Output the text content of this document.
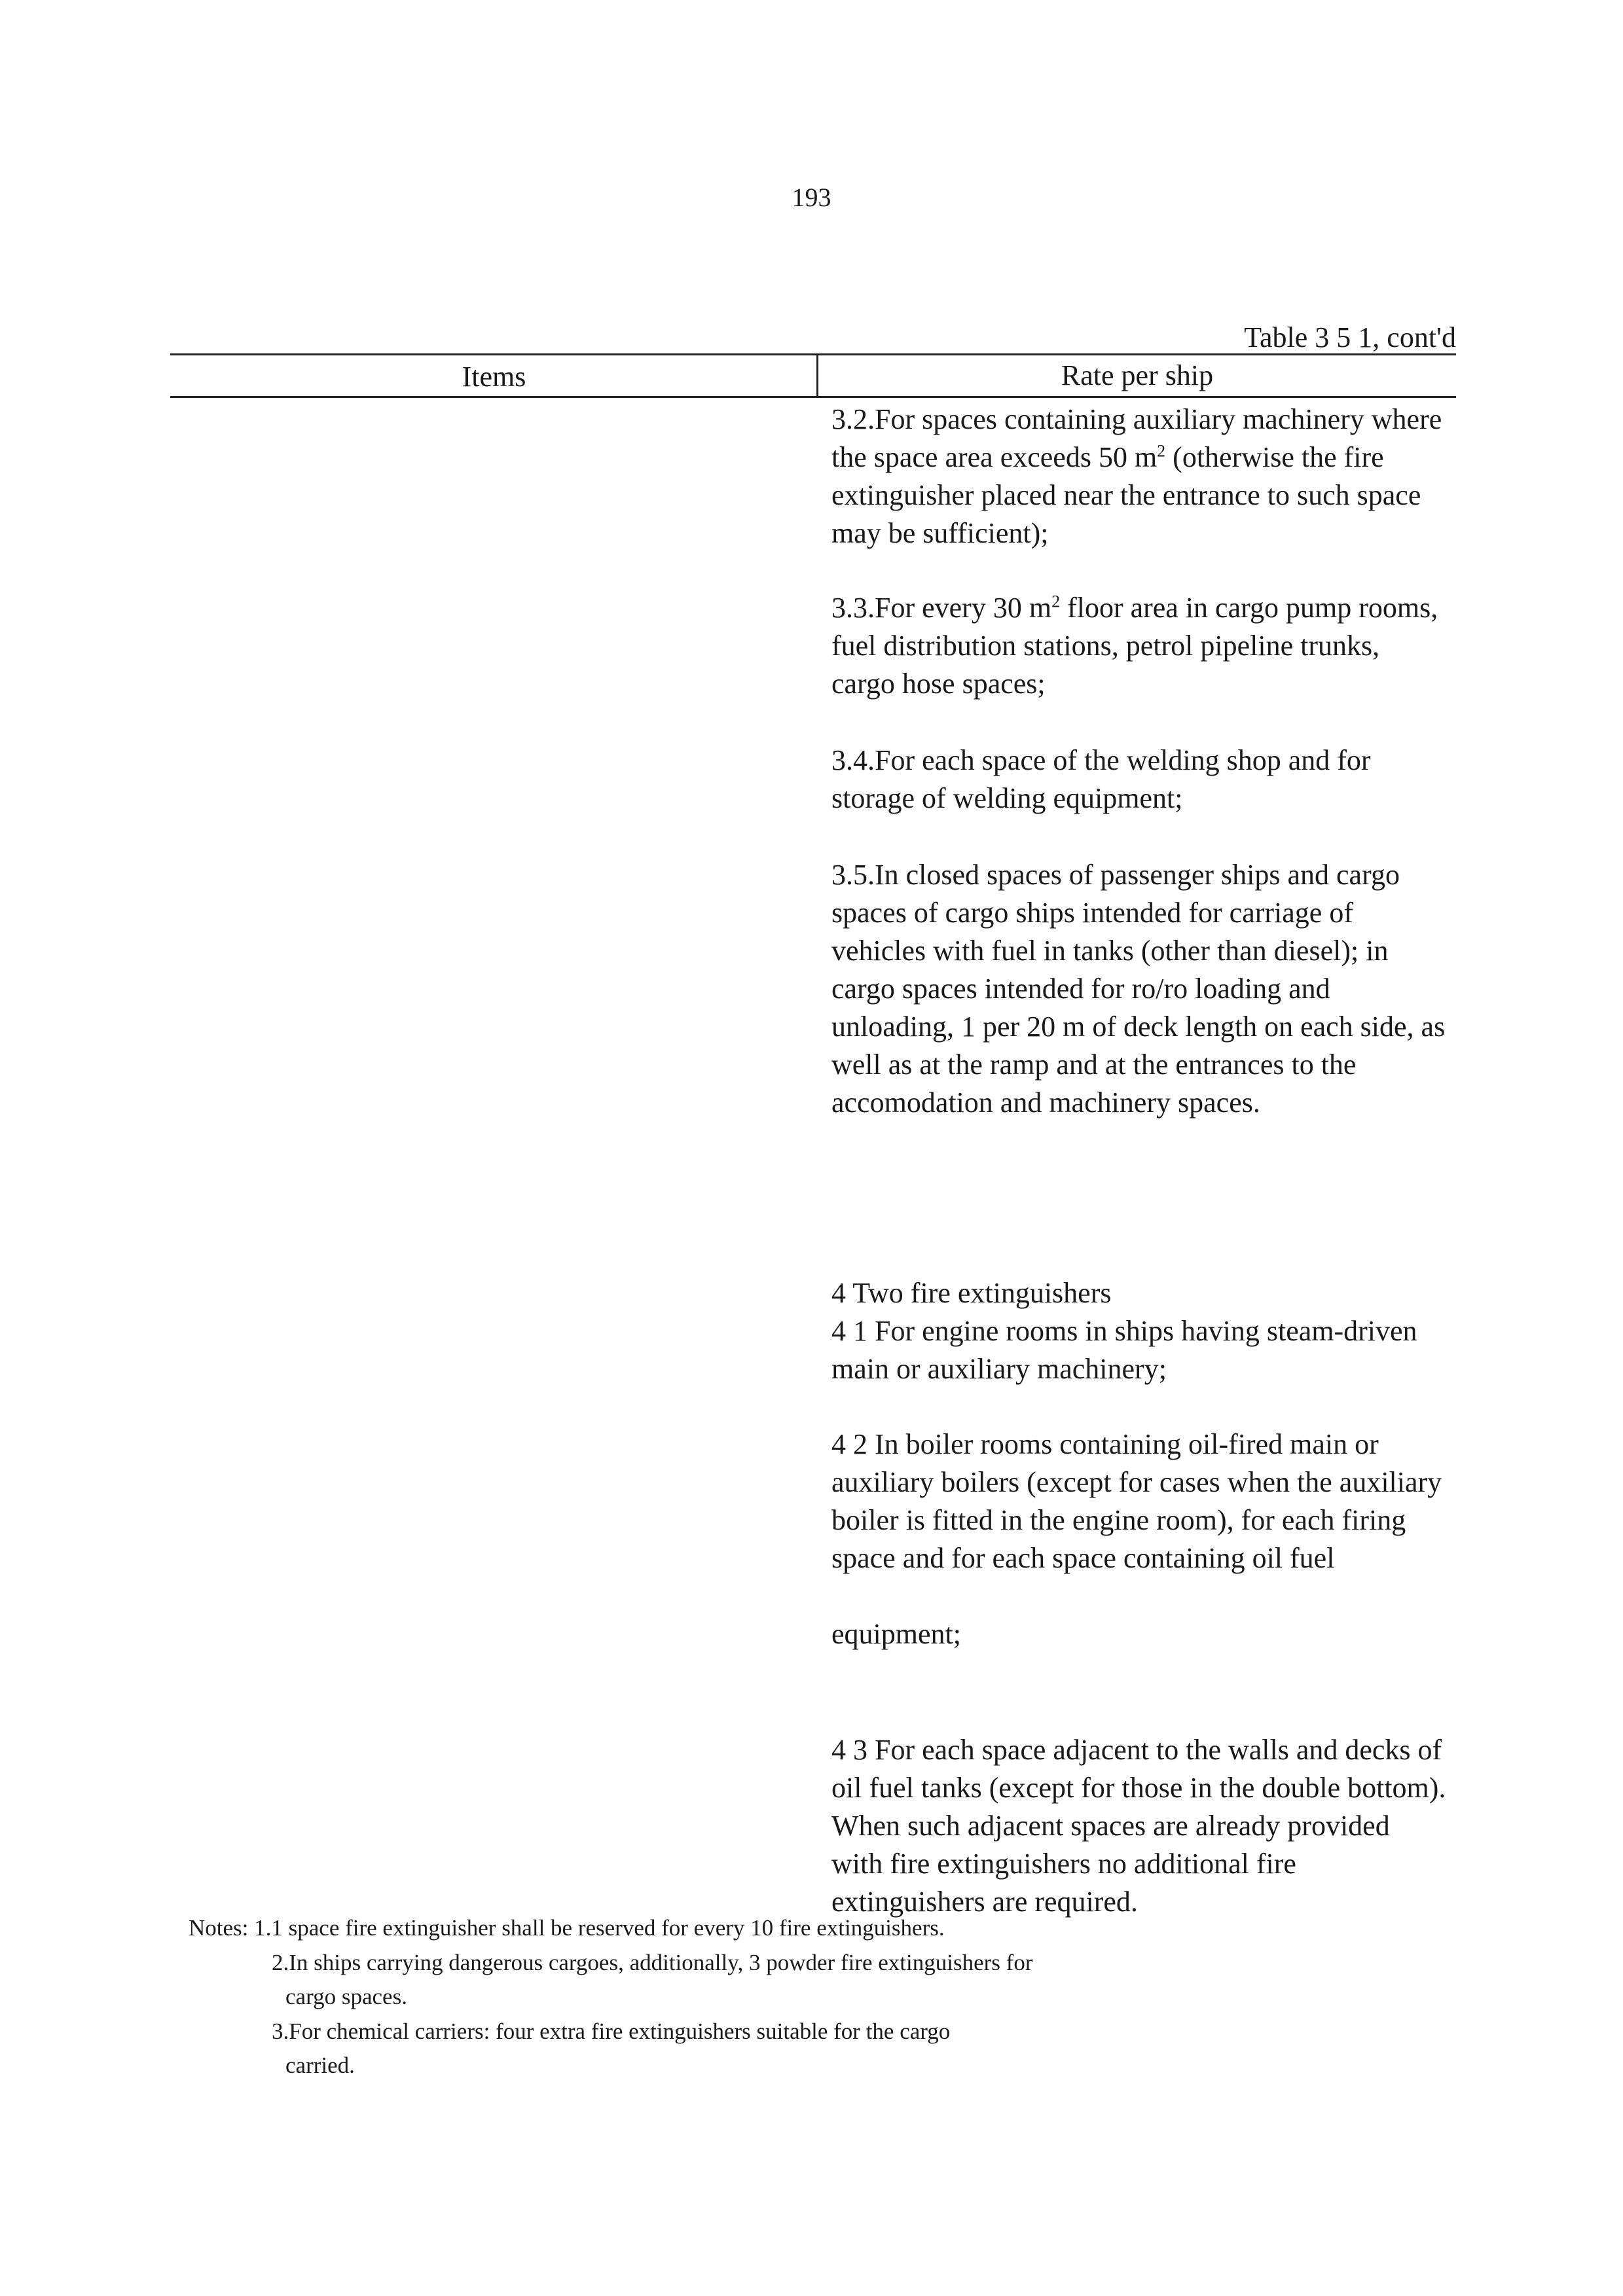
193
Table 3 5 1, cont'd
Items	Rate per ship

3.2.For spaces containing auxiliary machinery where the space area exceeds 50 $m^2$ (otherwise the fire extinguisher placed near the entrance to such space may be sufficient);

3.3.For every 30 $m^2$ floor area in cargo pump rooms, fuel distribution stations, petrol pipeline trunks, cargo hose spaces;

3.4.For each space of the welding shop and for storage of welding equipment;

3.5.In closed spaces of passenger ships and cargo spaces of cargo ships intended for carriage of vehicles with fuel in tanks (other than diesel); in cargo spaces intended for ro/ro loading and unloading, 1 per 20 m of deck length on each side, as well as at the ramp and at the entrances to the accomodation and machinery spaces.

4 Two fire extinguishers

4 1 For engine rooms in ships having steam-driven main or auxiliary machinery;

4 2 In boiler rooms containing oil-fired main or auxiliary boilers (except for cases when the auxiliary boiler is fitted in the engine room), for each firing space and for each space containing oil fuel

equipment;

4 3 For each space adjacent to the walls and decks of oil fuel tanks (except for those in the double bottom). When such adjacent spaces are already provided with fire extinguishers no additional fire extinguishers are required.

Notes: 1.1 space fire extinguisher shall be reserved for every 10 fire extinguishers.
2.In ships carrying dangerous cargoes, additionally, 3 powder fire extinguishers for
cargo spaces.
3.For chemical carriers: four extra fire extinguishers suitable for the cargo
carried.
